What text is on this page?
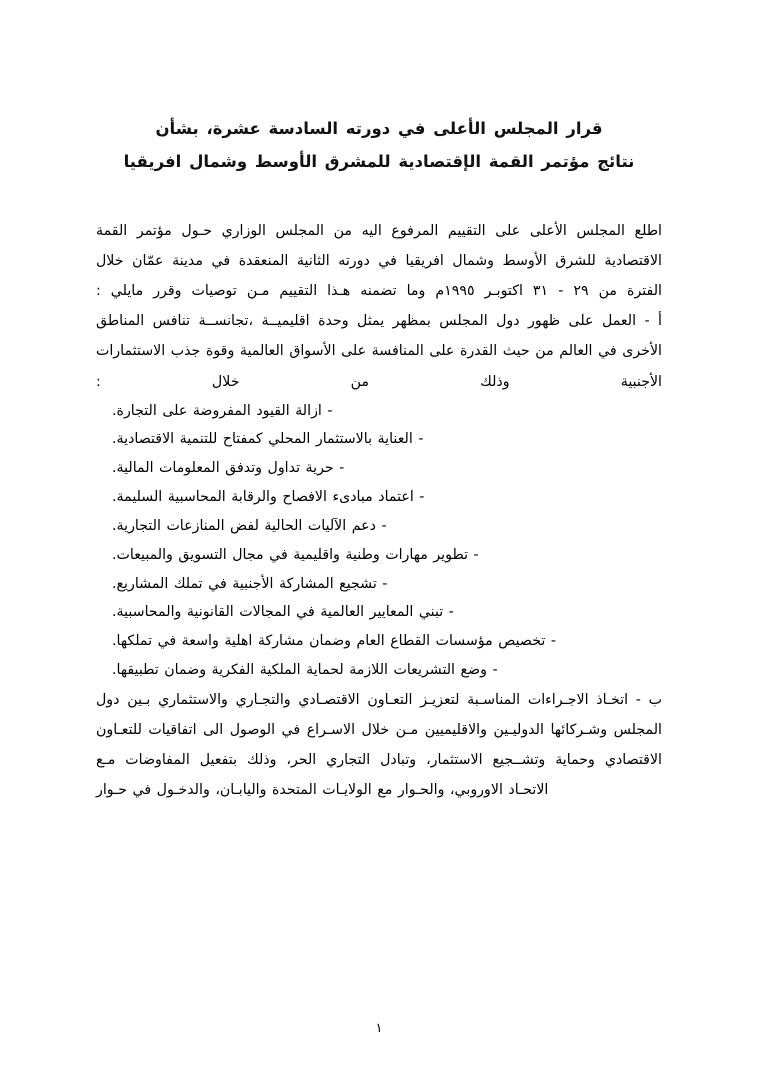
قرار المجلس الأعلى في دورته السادسة عشرة، بشأن
نتائج مؤتمر القمة الإقتصادية للمشرق الأوسط وشمال افريقيا

اطلع المجلس الأعلى على التقييم المرفوع اليه من المجلس الوزاري حـول مؤتمر القمة الاقتصادية للشرق الأوسط وشمال افريقيا في دورته الثانية المنعقدة في مدينة عمّان خلال الفترة من ٢٩ - ٣١ اكتوبـر ١٩٩٥م وما تضمنه هـذا التقييم مـن توصيات وقرر مايلي :

أ - العمل على ظهور دول المجلس بمظهر يمثل وحدة اقليميــة ،تجانســة تنافس المناطق الأخرى في العالم من حيث القدرة على المنافسة على الأسواق العالمية وقوة جذب الاستثمارات الأجنبية وذلك من خلال :

- ازالة القيود المفروضة على التجارة.
- العناية بالاستثمار المحلي كمفتاح للتنمية الاقتصادية.
- حرية تداول وتدفق المعلومات المالية.
- اعتماد مبادىء الافصاح والرقابة المحاسبية السليمة.
- دعم الآليات الحالية لفض المنازعات التجارية.
- تطوير مهارات وطنية واقليمية في مجال التسويق والمبيعات.
- تشجيع المشاركة الأجنبية في تملك المشاريع.
- تبني المعايير العالمية في المجالات القانونية والمحاسبية.
- تخصيص مؤسسات القطاع العام وضمان مشاركة اهلية واسعة في تملكها.
- وضع التشريعات اللازمة لحماية الملكية الفكرية وضمان تطبيقها.

ب - اتخـاذ الاجـراءات المناسـبة لتعزيـز التعـاون الاقتصـادي والتجـاري والاستثماري بـين دول المجلس وشـركائها الدوليـين والاقليميين مـن خلال الاسـراع في الوصول الى اتفاقيات للتعـاون الاقتصادي وحماية وتشــجيع الاستثمار، وتبادل التجاري الحر، وذلك بتفعيل المفاوضات مـع الاتحـاد الاوروبي، والحـوار مع الولايـات المتحدة واليابـان، والدخـول في حـوار

١
